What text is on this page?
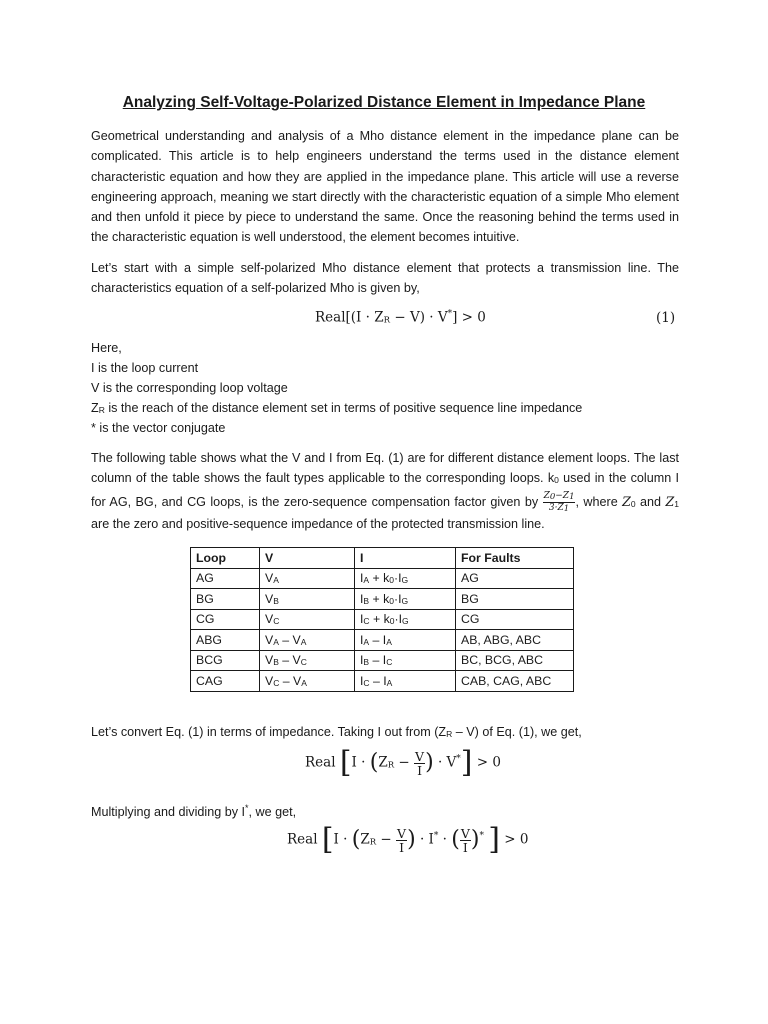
Analyzing Self-Voltage-Polarized Distance Element in Impedance Plane

Geometrical understanding and analysis of a Mho distance element in the impedance plane can be complicated. This article is to help engineers understand the terms used in the distance element characteristic equation and how they are applied in the impedance plane. This article will use a reverse engineering approach, meaning we start directly with the characteristic equation of a simple Mho element and then unfold it piece by piece to understand the same. Once the reasoning behind the terms used in the characteristic equation is well understood, the element becomes intuitive.

Let’s start with a simple self-polarized Mho distance element that protects a transmission line. The characteristics equation of a self-polarized Mho is given by,

Real[(I · $Z_R - V) \cdot V^*] > 0$	(1)
Here,
I is the loop current
V is the corresponding loop voltage
$Z_R$ is the reach of the distance element set in terms of positive sequence line impedance
* is the vector conjugate

The following table shows what the V and I from Eq. (1) are for different distance element loops. The last column of the table shows the fault types applicable to the corresponding loops. $k_0$ used in the column I for AG, BG, and CG loops, is the zero-sequence compensation factor given by $\frac{Z_0-Z_1}{3\cdot Z_1}$ , where $Z_0$ and $Z_1$ are the zero and positive-sequence impedance of the protected transmission line.

Loop	V	I	For Faults
AG	$V_A$	$I_A + k_0\cdot I_G$	AG
BG	$V_B$	$I_B + k_0\cdot I_G$	BG
CG	$V_C$	$I_C + k_0\cdot I_G$	CG
ABG	$V_A - V_A$	$I_A - I_A$	AB, ABG, ABC
BCG	$V_B - V_C$	$I_B - I_C$	BC, BCG, ABC
CAG	$V_C - V_A$	$I_C - I_A$	CAB, CAG, ABC
Let’s convert Eq. (1) in terms of impedance. Taking I out from $(Z_R - V)$ of Eq. (1), we get,
Real [$I \cdot (Z_R - \frac{V}{I}$ ) · V*] > 0
Multiplying and dividing by I*, we get,
Real [$I \cdot (Z_R - \frac{V}{I}$ ) · I* · ( $\frac{V}{I} )^*$ ] > 0
